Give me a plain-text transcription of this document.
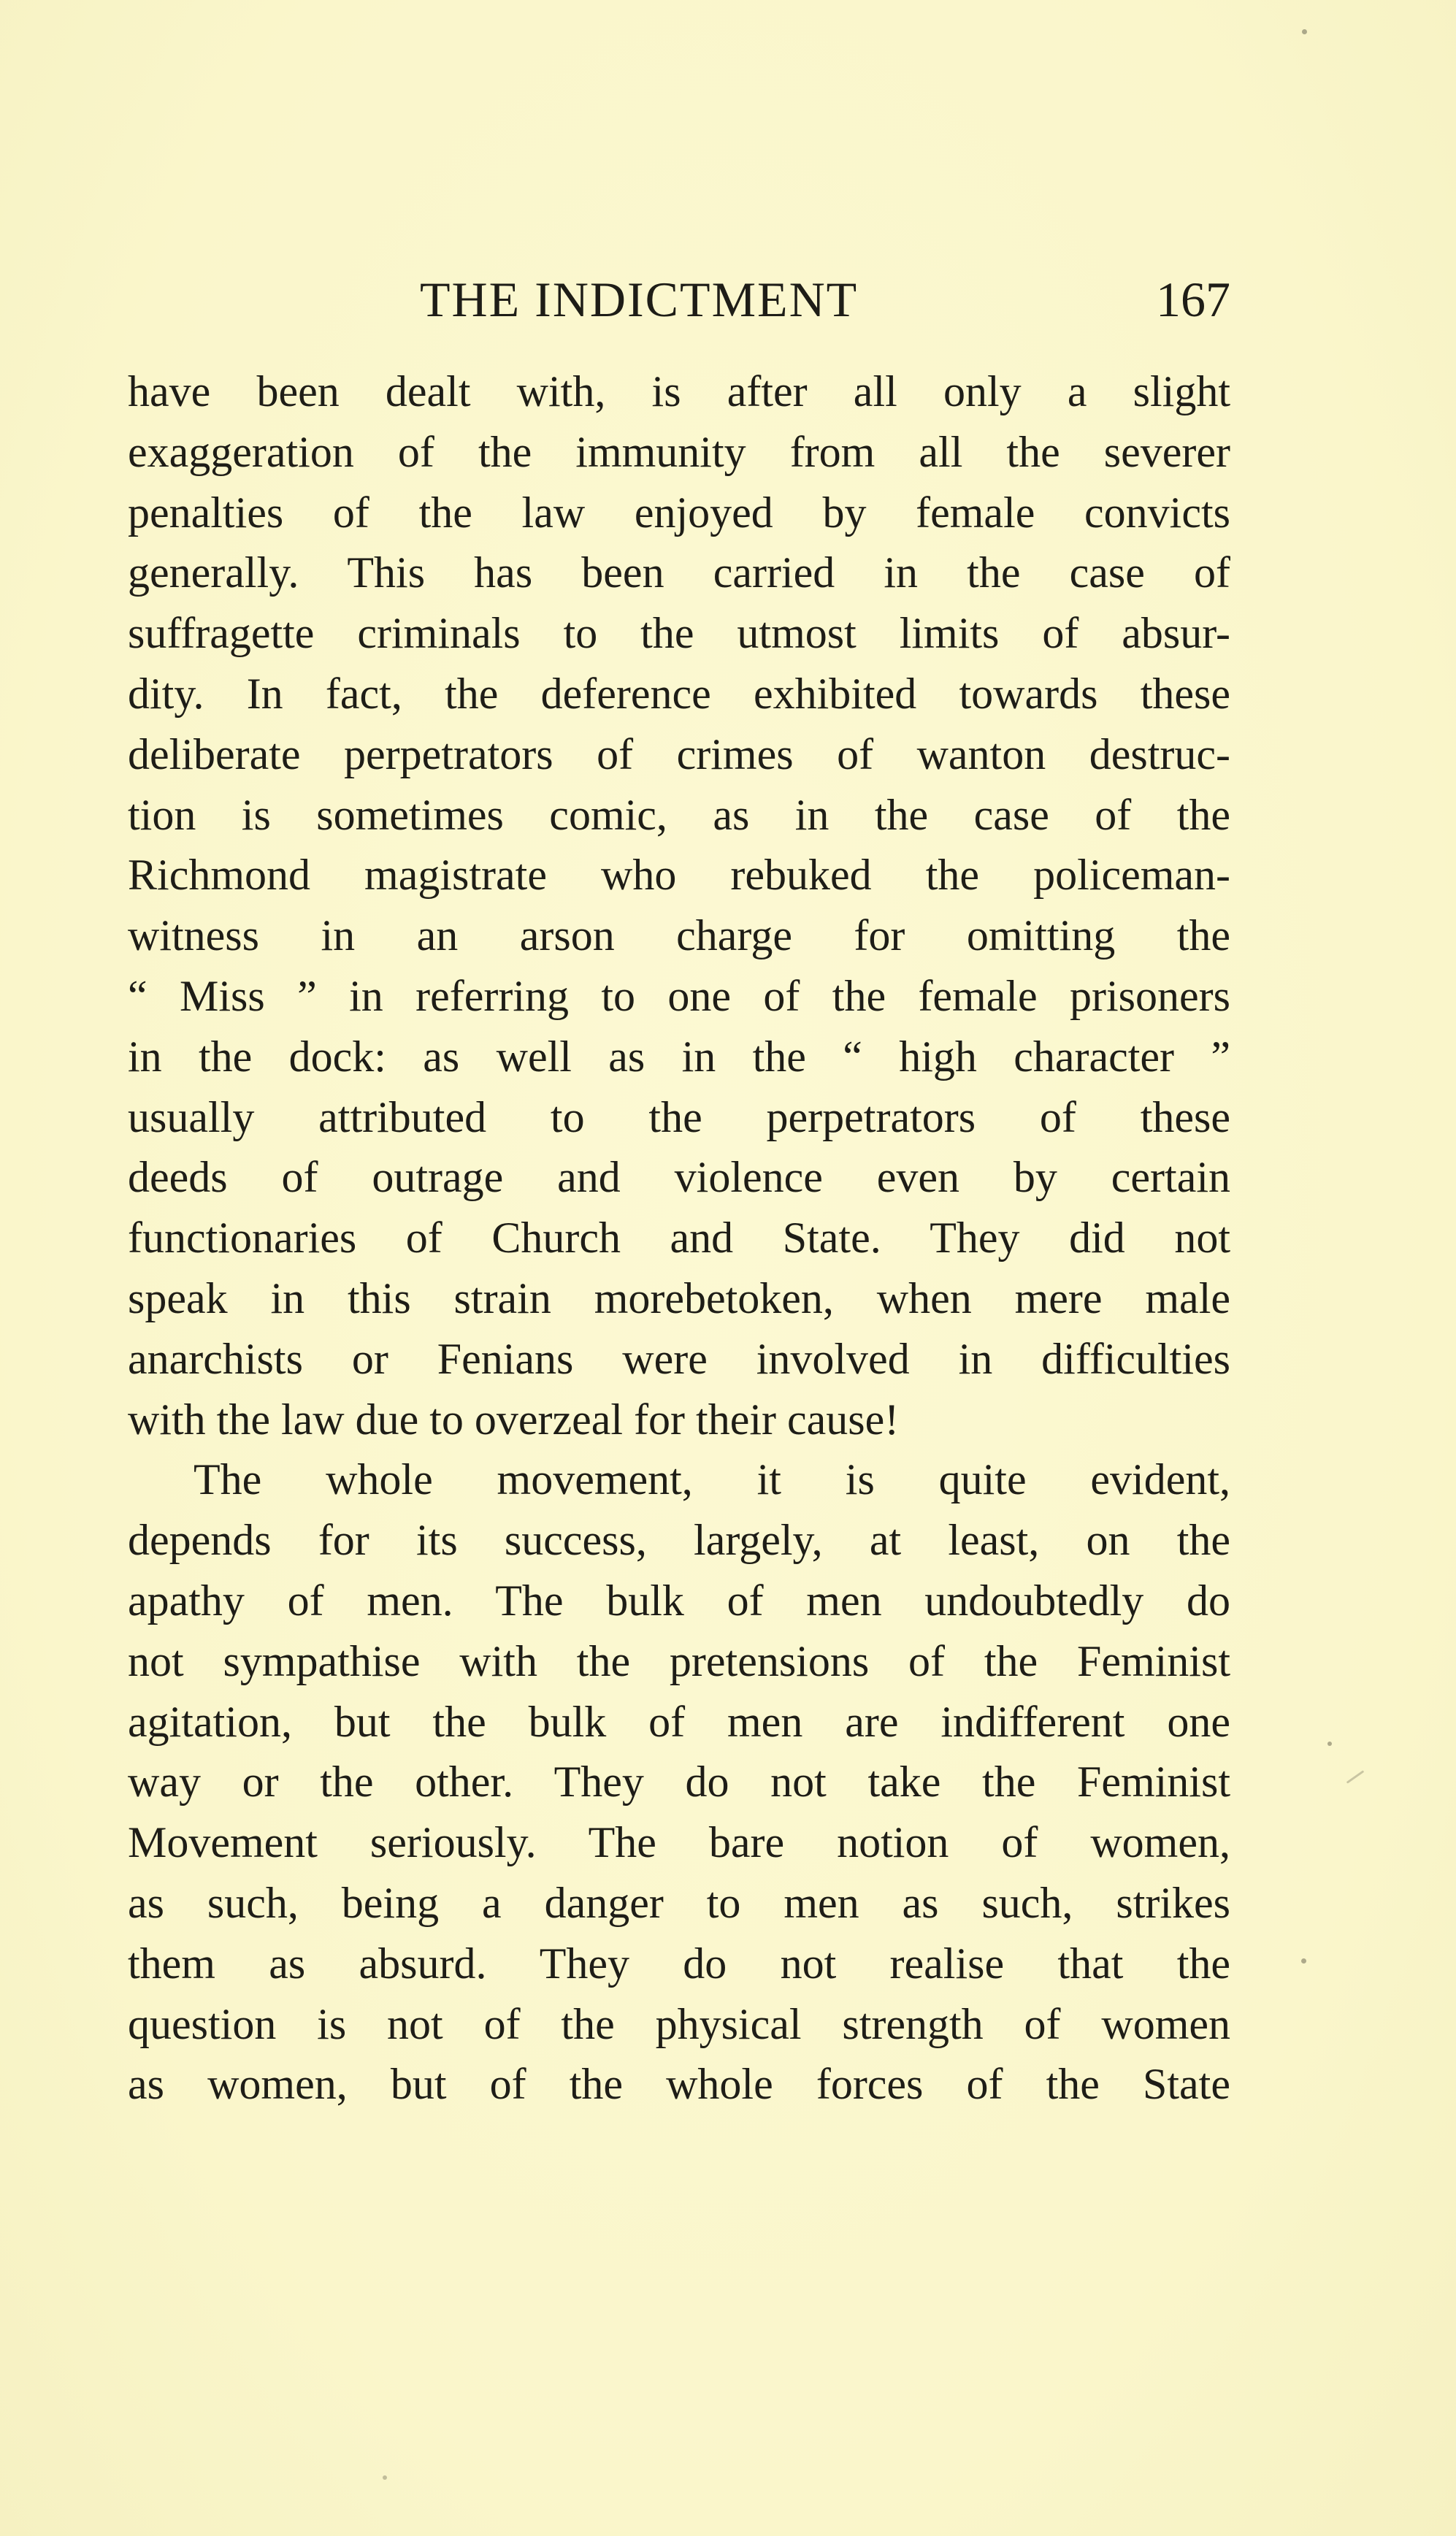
THE INDICTMENT	167
have been dealt with, is after all only a slight
exaggeration of the immunity from all the severer
penalties of the law enjoyed by female convicts
generally. This has been carried in the case of
suffragette criminals to the utmost limits of absur-
dity. In fact, the deference exhibited towards these
deliberate perpetrators of crimes of wanton destruc-
tion is sometimes comic, as in the case of the
Richmond magistrate who rebuked the policeman-
witness in an arson charge for omitting the
“ Miss ” in referring to one of the female prisoners
in the dock: as well as in the “ high character ”
usually attributed to the perpetrators of these
deeds of outrage and violence even by certain
functionaries of Church and State. They did not
speak in this strain morebetoken, when mere male
anarchists or Fenians were involved in difficulties
with the law due to overzeal for their cause!
The whole movement, it is quite evident,
depends for its success, largely, at least, on the
apathy of men. The bulk of men undoubtedly do
not sympathise with the pretensions of the Feminist
agitation, but the bulk of men are indifferent one
way or the other. They do not take the Feminist
Movement seriously. The bare notion of women,
as such, being a danger to men as such, strikes
them as absurd. They do not realise that the
question is not of the physical strength of women
as women, but of the whole forces of the State
